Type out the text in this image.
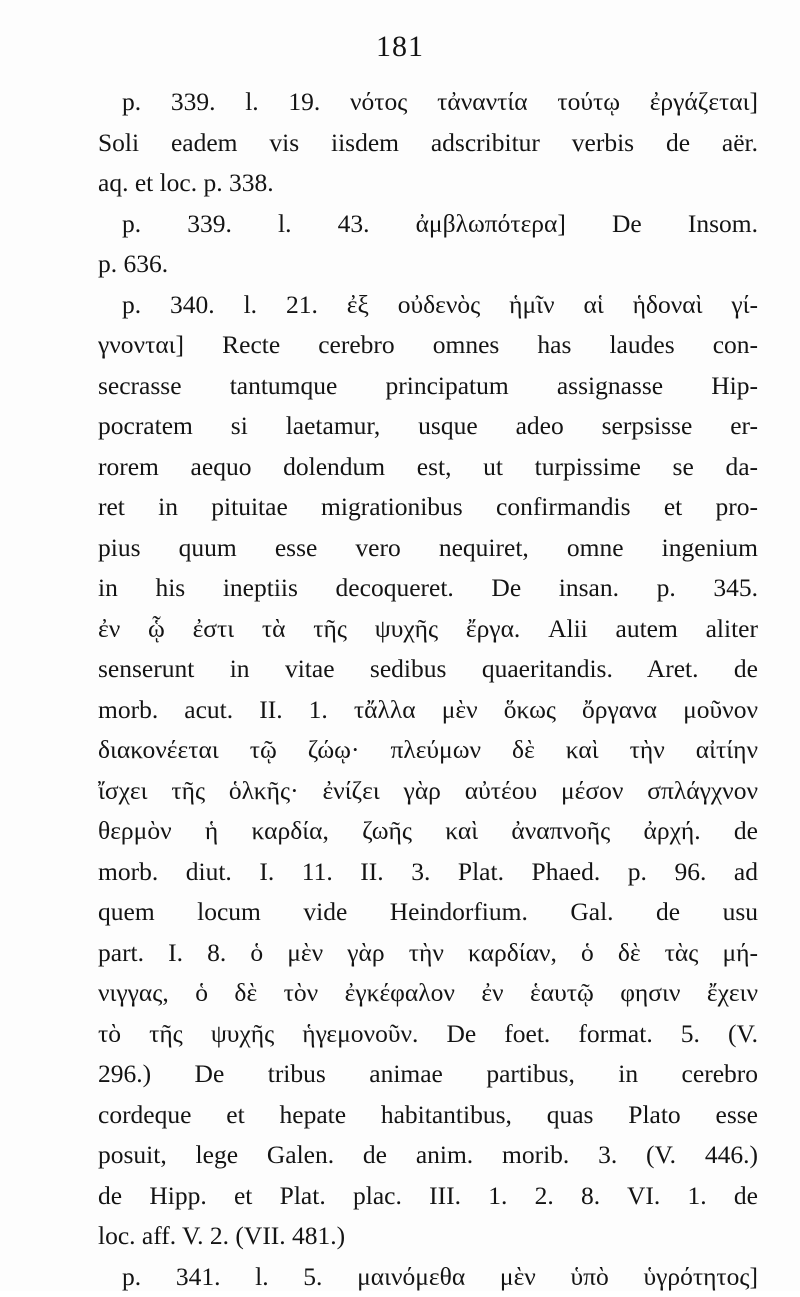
181
p. 339. l. 19. νότος τἀναντία τούτῳ ἐργάζεται]
Soli eadem vis iisdem adscribitur verbis de aër.
aq. et loc. p. 338.
p. 339. l. 43. ἀμβλωπότερα] De Insom.
p. 636.
p. 340. l. 21. ἐξ οὐδενὸς ἡμῖν αἱ ἡδοναὶ γί-
γνονται] Recte cerebro omnes has laudes con-
secrasse tantumque principatum assignasse Hip-
pocratem si laetamur, usque adeo serpsisse er-
rorem aequo dolendum est, ut turpissime se da-
ret in pituitae migrationibus confirmandis et pro-
pius quum esse vero nequiret, omne ingenium
in his ineptiis decoqueret. De insan. p. 345.
ἐν ᾧ ἐστι τὰ τῆς ψυχῆς ἔργα. Alii autem aliter
senserunt in vitae sedibus quaeritandis. Aret. de
morb. acut. II. 1. τἄλλα μὲν ὅκως ὄργανα μοῦνον
διακονέεται τῷ ζώῳ· πλεύμων δὲ καὶ τὴν αἰτίην
ἴσχει τῆς ὁλκῆς· ἐνίζει γὰρ αὐτέου μέσον σπλάγχνον
θερμὸν ἡ καρδία, ζωῆς καὶ ἀναπνοῆς ἀρχή. de
morb. diut. I. 11. II. 3. Plat. Phaed. p. 96. ad
quem locum vide Heindorfium. Gal. de usu
part. I. 8. ὁ μὲν γὰρ τὴν καρδίαν, ὁ δὲ τὰς μή-
νιγγας, ὁ δὲ τὸν ἐγκέφαλον ἐν ἑαυτῷ φησιν ἔχειν
τὸ τῆς ψυχῆς ἡγεμονοῦν. De foet. format. 5. (V.
296.) De tribus animae partibus, in cerebro
cordeque et hepate habitantibus, quas Plato esse
posuit, lege Galen. de anim. morib. 3. (V. 446.)
de Hipp. et Plat. plac. III. 1. 2. 8. VI. 1. de
loc. aff. V. 2. (VII. 481.)
p. 341. l. 5. μαινόμεθα μὲν ὑπὸ ὑγρότητος]
